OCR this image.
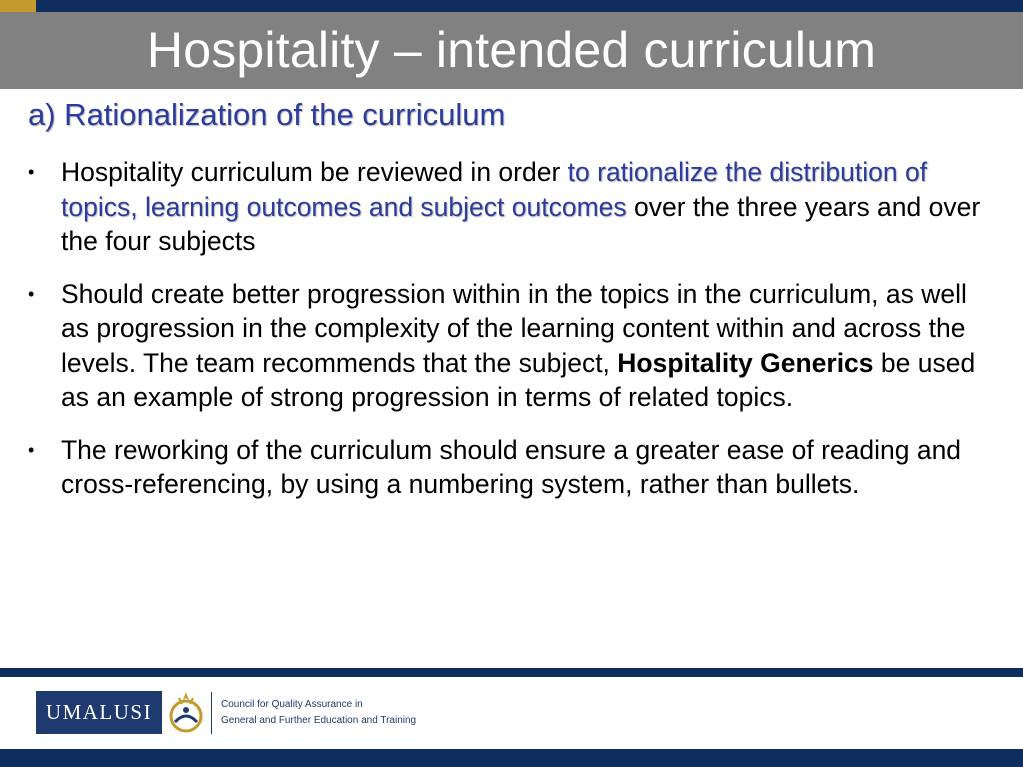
Hospitality – intended curriculum
a) Rationalization of the curriculum
• Hospitality curriculum be reviewed in order to rationalize the distribution of topics, learning outcomes and subject outcomes over the three years and over the four subjects
• Should create better progression within in the topics in the curriculum, as well as progression in the complexity of the learning content within and across the levels. The team recommends that the subject, Hospitality Generics be used as an example of strong progression in terms of related topics.
• The reworking of the curriculum should ensure a greater ease of reading and cross-referencing, by using a numbering system, rather than bullets.
UMALUSI	Council for Quality Assurance in
General and Further Education and Training
